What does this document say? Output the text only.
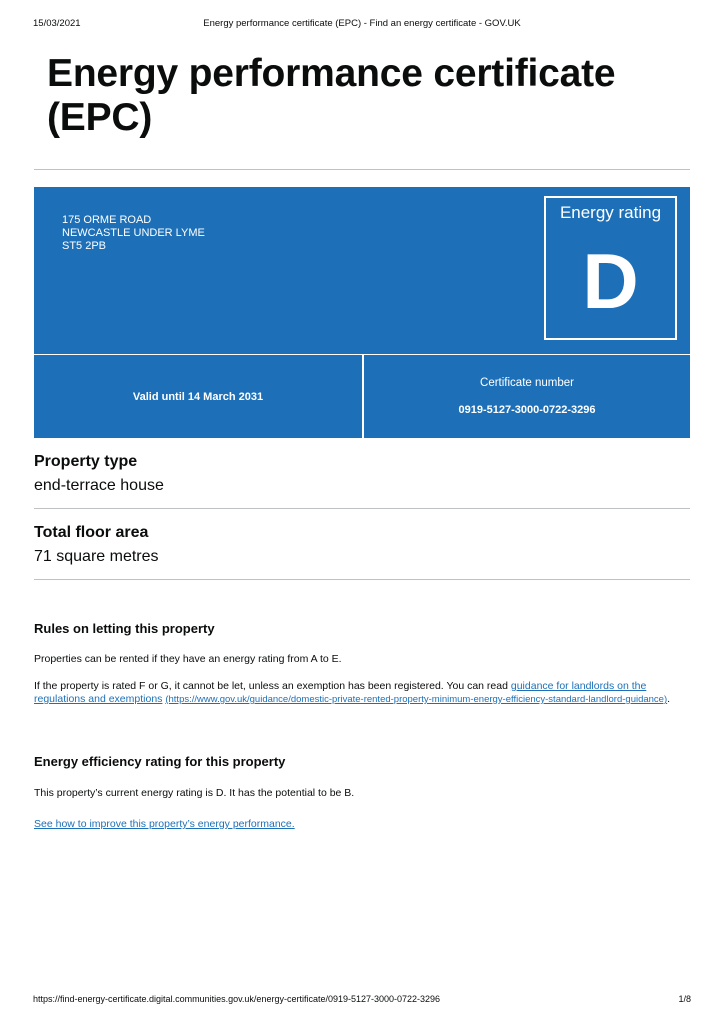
15/03/2021	Energy performance certificate (EPC) - Find an energy certificate - GOV.UK
Energy performance certificate (EPC)
175 ORME ROAD
NEWCASTLE UNDER LYME
ST5 2PB
Energy rating
D
Valid until 14 March 2031
Certificate number
0919-5127-3000-0722-3296
Property type
end-terrace house
Total floor area
71 square metres
Rules on letting this property
Properties can be rented if they have an energy rating from A to E.
If the property is rated F or G, it cannot be let, unless an exemption has been registered. You can read guidance for landlords on the regulations and exemptions (https://www.gov.uk/guidance/domestic-private-rented-property-minimum-energy-efficiency-standard-landlord-guidance).
Energy efficiency rating for this property
This property’s current energy rating is D. It has the potential to be B.
See how to improve this property’s energy performance.
https://find-energy-certificate.digital.communities.gov.uk/energy-certificate/0919-5127-3000-0722-3296	1/8
